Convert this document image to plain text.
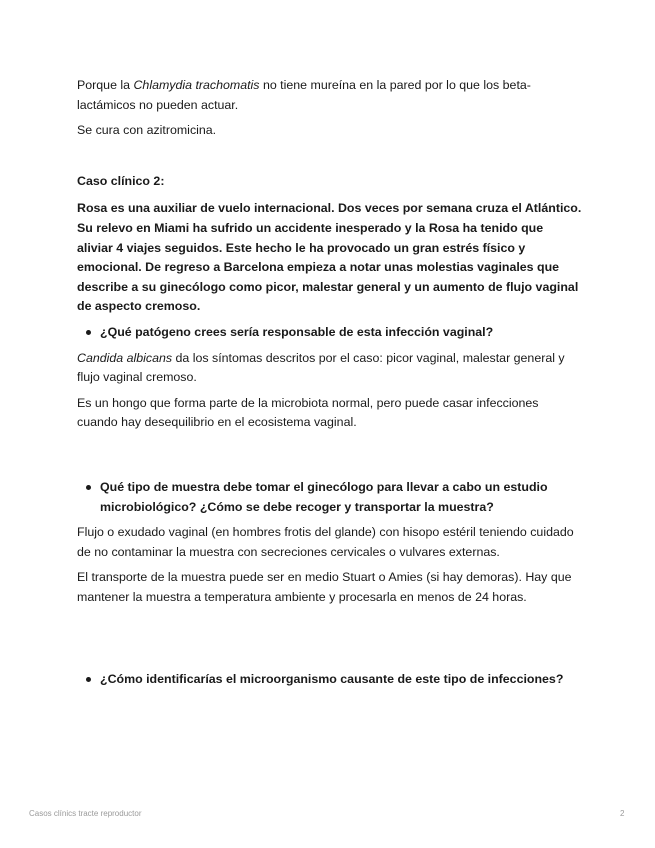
Porque la Chlamydia trachomatis no tiene mureína en la pared por lo que los beta-lactámicos no pueden actuar.

Se cura con azitromicina.

Caso clínico 2:

Rosa es una auxiliar de vuelo internacional. Dos veces por semana cruza el Atlántico. Su relevo en Miami ha sufrido un accidente inesperado y la Rosa ha tenido que aliviar 4 viajes seguidos. Este hecho le ha provocado un gran estrés físico y emocional. De regreso a Barcelona empieza a notar unas molestias vaginales que describe a su ginecólogo como picor, malestar general y un aumento de flujo vaginal de aspecto cremoso.

¿Qué patógeno crees sería responsable de esta infección vaginal?

Candida albicans da los síntomas descritos por el caso: picor vaginal, malestar general y flujo vaginal cremoso.

Es un hongo que forma parte de la microbiota normal, pero puede casar infecciones cuando hay desequilibrio en el ecosistema vaginal.

Qué tipo de muestra debe tomar el ginecólogo para llevar a cabo un estudio microbiológico? ¿Cómo se debe recoger y transportar la muestra?

Flujo o exudado vaginal (en hombres frotis del glande) con hisopo estéril teniendo cuidado de no contaminar la muestra con secreciones cervicales o vulvares externas.

El transporte de la muestra puede ser en medio Stuart o Amies (si hay demoras). Hay que mantener la muestra a temperatura ambiente y procesarla en menos de 24 horas.

¿Cómo identificarías el microorganismo causante de este tipo de infecciones?
Casos clínics tracte reproductor	2
